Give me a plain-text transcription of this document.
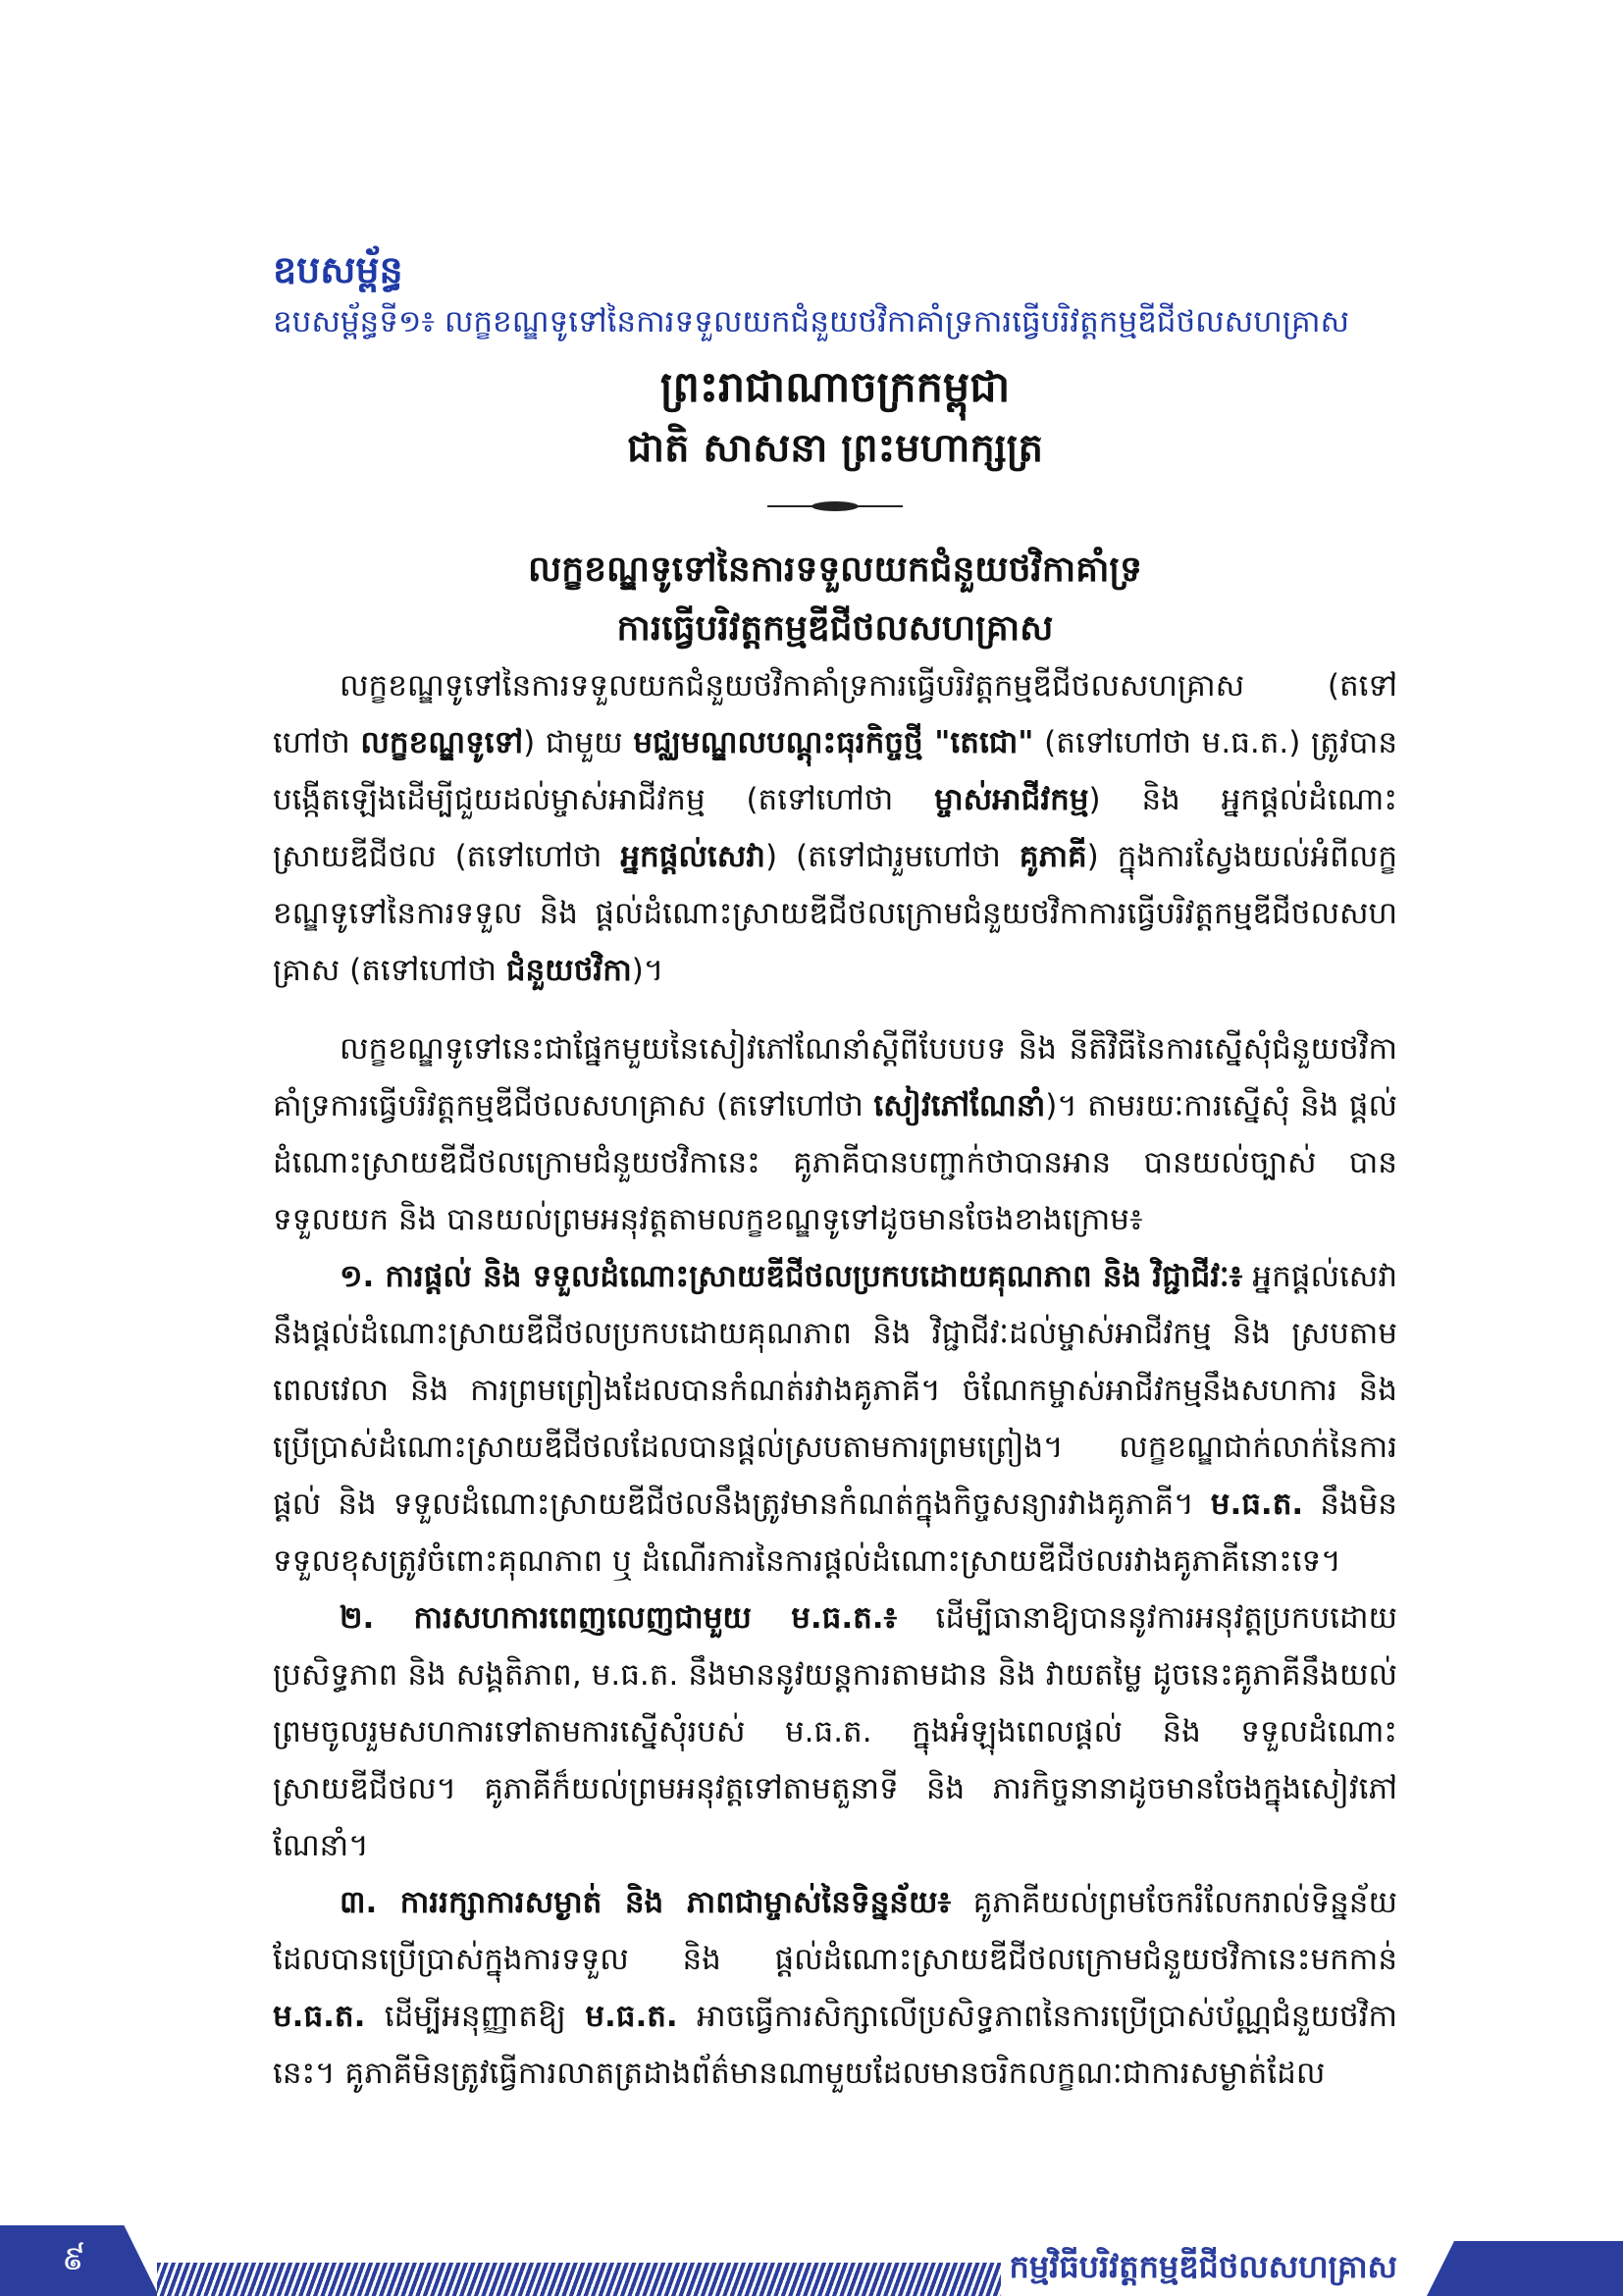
ឧបសម្ព័ន្ធ

ឧបសម្ព័ន្ធទី១៖ លក្ខខណ្ឌទូទៅនៃការទទួលយកជំនួយថវិកាគាំទ្រការធ្វើបរិវត្តកម្មឌីជីថលសហគ្រាស

ព្រះរាជាណាចក្រកម្ពុជា

ជាតិ សាសនា ព្រះមហាក្សត្រ

លក្ខខណ្ឌទូទៅនៃការទទួលយកជំនួយថវិកាគាំទ្រ
ការធ្វើបរិវត្តកម្មឌីជីថលសហគ្រាស

លក្ខខណ្ឌទូទៅនៃការទទួលយកជំនួយថវិកាគាំទ្រការធ្វើបរិវត្តកម្មឌីជីថលសហគ្រាស (តទៅហៅថា លក្ខខណ្ឌទូទៅ) ជាមួយ មជ្ឈមណ្ឌលបណ្តុះធុរកិច្ចថ្មី "តេជោ" (តទៅហៅថា ម.ធ.ត.) ត្រូវបានបង្កើតឡើងដើម្បីជួយដល់ម្ចាស់អាជីវកម្ម (តទៅហៅថា ម្ចាស់អាជីវកម្ម) និង អ្នកផ្តល់ដំណោះស្រាយឌីជីថល (តទៅហៅថា អ្នកផ្តល់សេវា) (តទៅជារួមហៅថា គូភាគី) ក្នុងការស្វែងយល់អំពីលក្ខខណ្ឌទូទៅនៃការទទួល និង ផ្តល់ដំណោះស្រាយឌីជីថលក្រោមជំនួយថវិកាការធ្វើបរិវត្តកម្មឌីជីថលសហគ្រាស (តទៅហៅថា ជំនួយថវិកា)។

លក្ខខណ្ឌទូទៅនេះជាផ្នែកមួយនៃសៀវភៅណែនាំស្តីពីបែបបទ និង នីតិវិធីនៃការស្នើសុំជំនួយថវិកាគាំទ្រការធ្វើបរិវត្តកម្មឌីជីថលសហគ្រាស (តទៅហៅថា សៀវភៅណែនាំ)។ តាមរយៈការស្នើសុំ និង ផ្តល់ដំណោះស្រាយឌីជីថលក្រោមជំនួយថវិកានេះ គូភាគីបានបញ្ជាក់ថាបានអាន បានយល់ច្បាស់ បានទទួលយក និង បានយល់ព្រមអនុវត្តតាមលក្ខខណ្ឌទូទៅដូចមានចែងខាងក្រោម៖

១. ការផ្តល់ និង ទទួលដំណោះស្រាយឌីជីថលប្រកបដោយគុណភាព និង វិជ្ជាជីវៈ៖ អ្នកផ្តល់សេវានឹងផ្តល់ដំណោះស្រាយឌីជីថលប្រកបដោយគុណភាព និង វិជ្ជាជីវៈដល់ម្ចាស់អាជីវកម្ម និង ស្របតាមពេលវេលា និង ការព្រមព្រៀងដែលបានកំណត់រវាងគូភាគី។ ចំណែកម្ចាស់អាជីវកម្មនឹងសហការ និង ប្រើប្រាស់ដំណោះស្រាយឌីជីថលដែលបានផ្តល់ស្របតាមការព្រមព្រៀង។ លក្ខខណ្ឌជាក់លាក់នៃការផ្តល់ និង ទទួលដំណោះស្រាយឌីជីថលនឹងត្រូវមានកំណត់ក្នុងកិច្ចសន្យារវាងគូភាគី។ ម.ធ.ត. នឹងមិនទទួលខុសត្រូវចំពោះគុណភាព ឬ ដំណើរការនៃការផ្តល់ដំណោះស្រាយឌីជីថលរវាងគូភាគីនោះទេ។

២. ការសហការពេញលេញជាមួយ ម.ធ.ត.៖ ដើម្បីធានាឱ្យបាននូវការអនុវត្តប្រកបដោយប្រសិទ្ធភាព និង សង្គតិភាព, ម.ធ.ត. នឹងមាននូវយន្តការតាមដាន និង វាយតម្លៃ ដូចនេះគូភាគីនឹងយល់ព្រមចូលរួមសហការទៅតាមការស្នើសុំរបស់ ម.ធ.ត. ក្នុងអំឡុងពេលផ្តល់ និង ទទួលដំណោះស្រាយឌីជីថល។ គូភាគីក៏យល់ព្រមអនុវត្តទៅតាមតួនាទី និង ភារកិច្ចនានាដូចមានចែងក្នុងសៀវភៅណែនាំ។

៣. ការរក្សាការសម្ងាត់ និង ភាពជាម្ចាស់នៃទិន្នន័យ៖ គូភាគីយល់ព្រមចែករំលែករាល់ទិន្នន័យដែលបានប្រើប្រាស់ក្នុងការទទួល និង ផ្តល់ដំណោះស្រាយឌីជីថលក្រោមជំនួយថវិកានេះមកកាន់ ម.ធ.ត. ដើម្បីអនុញ្ញាតឱ្យ ម.ធ.ត. អាចធ្វើការសិក្សាលើប្រសិទ្ធភាពនៃការប្រើប្រាស់ប័ណ្ណជំនួយថវិកានេះ។ គូភាគីមិនត្រូវធ្វើការលាតត្រដាងព័ត៌មានណាមួយដែលមានចរិកលក្ខណៈជាការសម្ងាត់ដែល

៩	កម្មវិធីបរិវត្តកម្មឌីជីថលសហគ្រាស
